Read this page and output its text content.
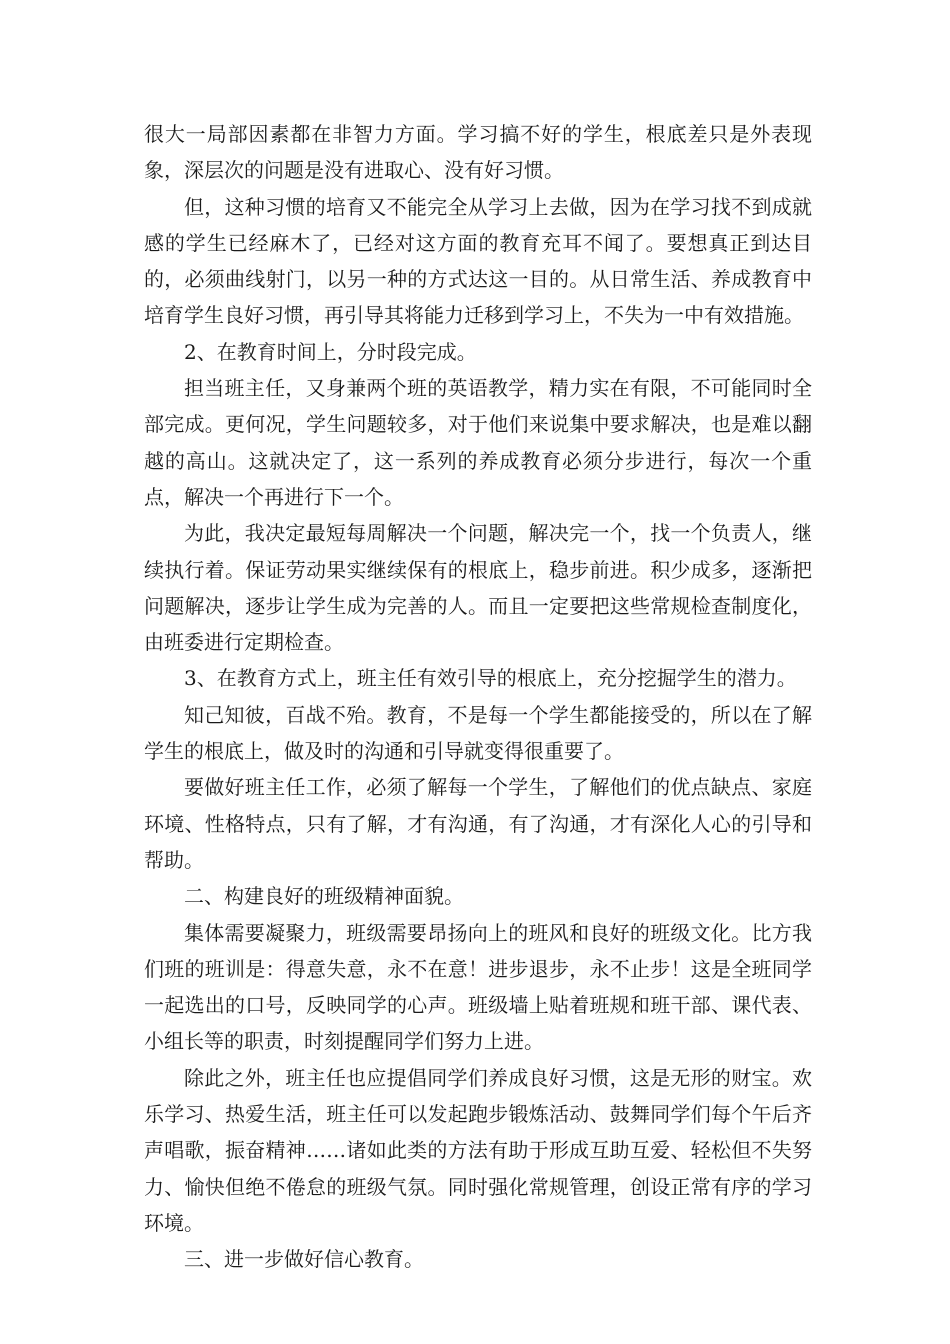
很大一局部因素都在非智力方面。学习搞不好的学生，根底差只是外表现象，深层次的问题是没有进取心、没有好习惯。

但，这种习惯的培育又不能完全从学习上去做，因为在学习找不到成就感的学生已经麻木了，已经对这方面的教育充耳不闻了。要想真正到达目的，必须曲线射门，以另一种的方式达这一目的。从日常生活、养成教育中培育学生良好习惯，再引导其将能力迁移到学习上，不失为一中有效措施。

2、在教育时间上，分时段完成。

担当班主任，又身兼两个班的英语教学，精力实在有限，不可能同时全部完成。更何况，学生问题较多，对于他们来说集中要求解决，也是难以翻越的高山。这就决定了，这一系列的养成教育必须分步进行，每次一个重点，解决一个再进行下一个。

为此，我决定最短每周解决一个问题，解决完一个，找一个负责人，继续执行着。保证劳动果实继续保有的根底上，稳步前进。积少成多，逐渐把问题解决，逐步让学生成为完善的人。而且一定要把这些常规检查制度化，由班委进行定期检查。

3、在教育方式上，班主任有效引导的根底上，充分挖掘学生的潜力。

知己知彼，百战不殆。教育，不是每一个学生都能接受的，所以在了解学生的根底上，做及时的沟通和引导就变得很重要了。

要做好班主任工作，必须了解每一个学生，了解他们的优点缺点、家庭环境、性格特点，只有了解，才有沟通，有了沟通，才有深化人心的引导和帮助。

二、构建良好的班级精神面貌。

集体需要凝聚力，班级需要昂扬向上的班风和良好的班级文化。比方我们班的班训是：得意失意，永不在意！进步退步，永不止步！这是全班同学一起选出的口号，反映同学的心声。班级墙上贴着班规和班干部、课代表、小组长等的职责，时刻提醒同学们努力上进。

除此之外，班主任也应提倡同学们养成良好习惯，这是无形的财宝。欢乐学习、热爱生活，班主任可以发起跑步锻炼活动、鼓舞同学们每个午后齐声唱歌，振奋精神……诸如此类的方法有助于形成互助互爱、轻松但不失努力、愉快但绝不倦怠的班级气氛。同时强化常规管理，创设正常有序的学习环境。

三、进一步做好信心教育。
